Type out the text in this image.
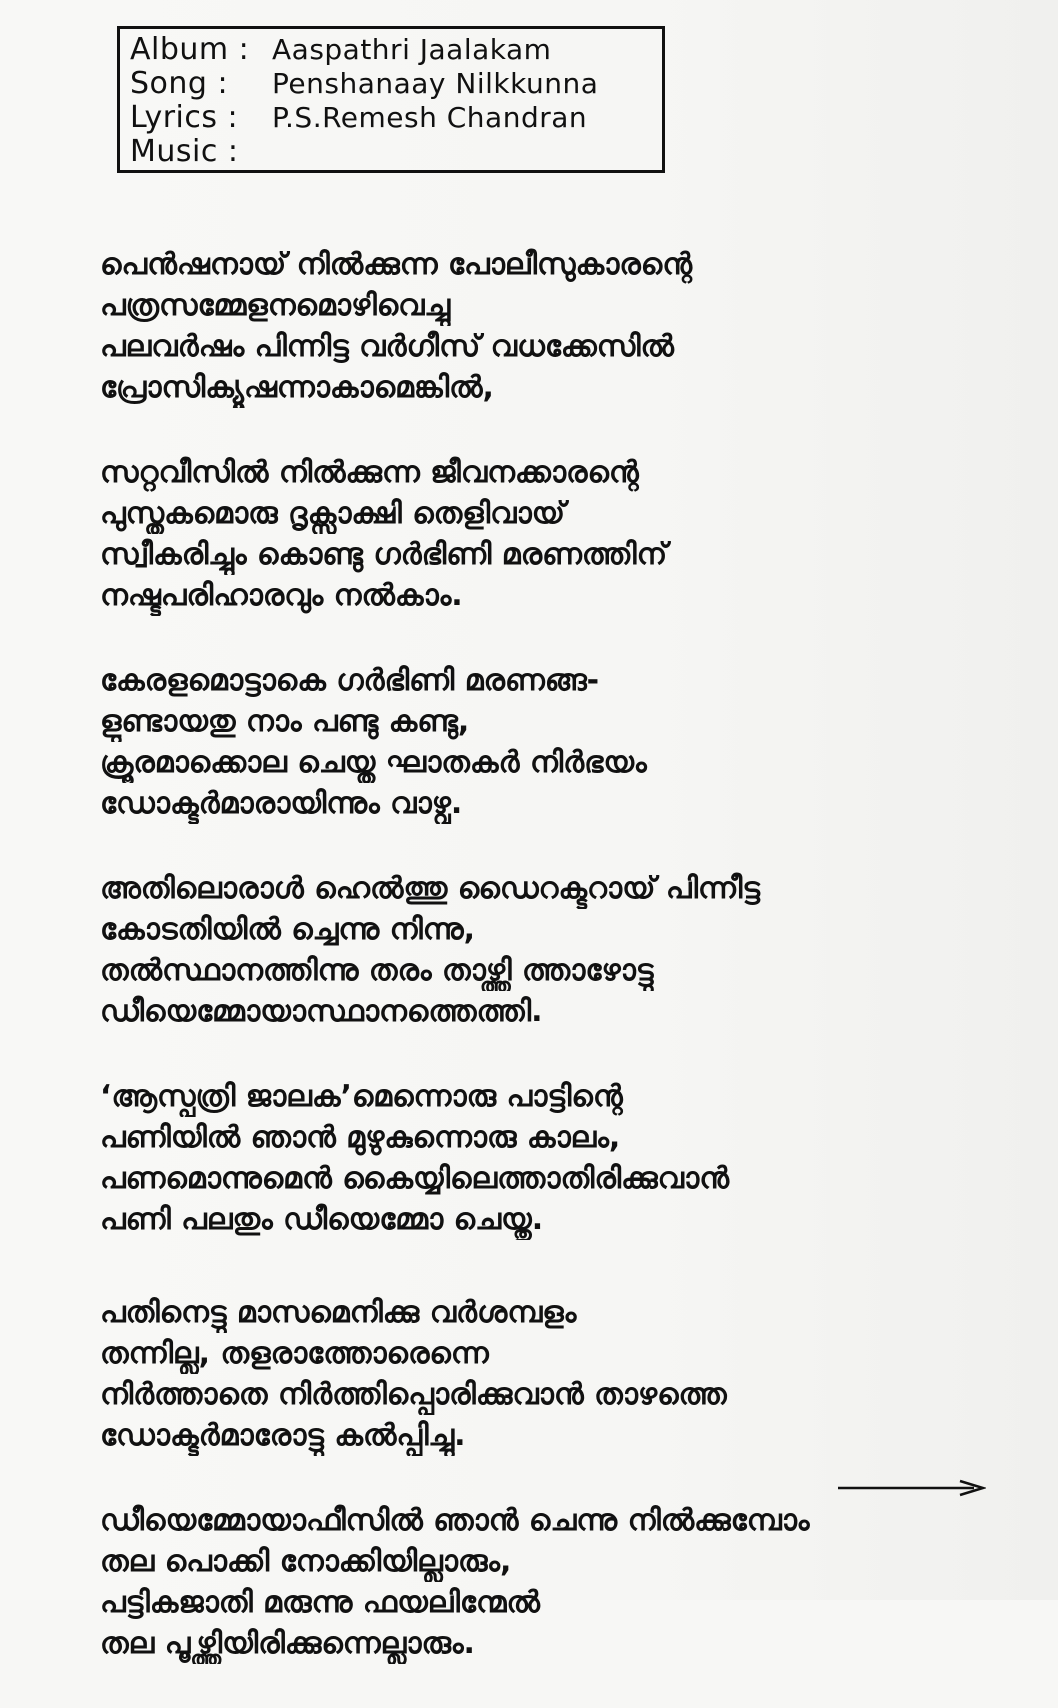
Album : Aaspathri Jaalakam
Song :	Penshanaay Nilkkunna
Lyrics :	P.S.Remesh Chandran
Music :
പെൻഷനായ് നിൽക്കുന്ന പോലീസുകാരന്റെ
പത്രസമ്മേളനമൊഴിവെച്ചു
പലവർഷം പിന്നിട്ട വർഗീസ് വധക്കേസിൽ
പ്രോസിക്യൂഷന്നാകാമെങ്കിൽ,
സറ്റവീസിൽ നിൽക്കുന്ന ജീവനക്കാരന്റെ
പുസ്തകമൊരു ദൃക്സാക്ഷി തെളിവായ്
സ്വീകരിച്ചും കൊണ്ടു ഗർഭിണി മരണത്തിന്
നഷ്ടപരിഹാരവും നൽകാം.
കേരളമൊട്ടാകെ ഗർഭിണി മരണങ്ങ-
ളുണ്ടായതു നാം പണ്ടു കണ്ടു,
ക്രൂരമാക്കൊല ചെയ്ത ഘാതകർ നിർഭയം
ഡോക്ടർമാരായിന്നും വാഴ്വു.
അതിലൊരാൾ ഹെൽത്തു ഡൈറക്ടറായ് പിന്നീട്ട
കോടതിയിൽ ച്ചെന്നു നിന്നു,
തൽസ്ഥാനത്തിന്നു തരം താഴ്ത്തി ത്താഴോട്ടു
ഡീയെമ്മോയാസ്ഥാനത്തെത്തി.
‘ആസ്പത്രി ജാലക’മെന്നൊരു പാട്ടിന്റെ
പണിയിൽ ഞാൻ മുഴുകുന്നൊരു കാലം,
പണമൊന്നുമെൻ കൈയ്യിലെത്താതിരിക്കുവാൻ
പണി പലതും ഡീയെമ്മോ ചെയ്തു.
പതിനെട്ടു മാസമെനിക്കു വർശമ്പളം
തന്നില്ല, തളരാത്തോരെന്നെ
നിർത്താതെ നിർത്തിപ്പൊരിക്കുവാൻ താഴത്തെ
ഡോക്ടർമാരോട്ടു കൽപ്പിച്ചു.
ഡീയെമ്മോയാഫീസിൽ ഞാൻ ചെന്നു നിൽക്കുമ്പോം
തല പൊക്കി നോക്കിയില്ലാരും,
പട്ടികജാതി മരുന്നു ഫയലിന്മേൽ
തല പൂഴ്ത്തിയിരിക്കുന്നെല്ലാരും.
